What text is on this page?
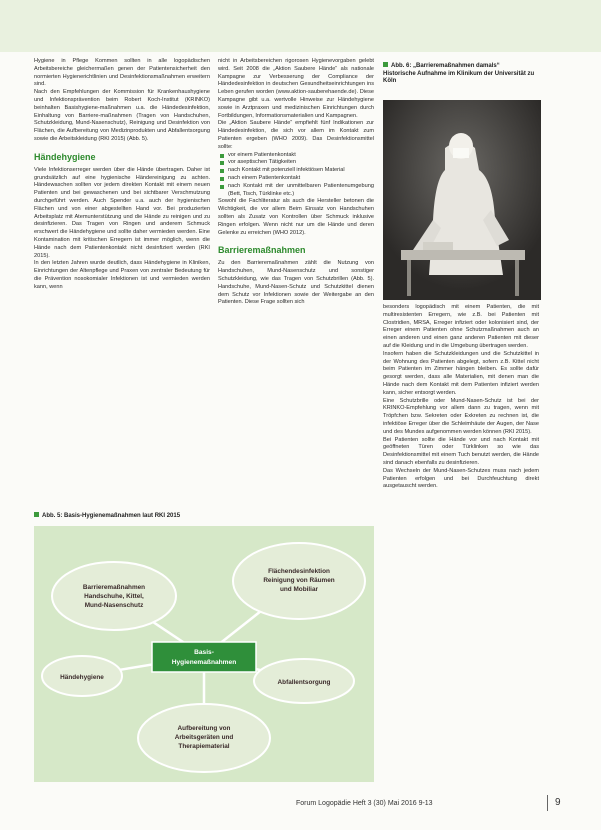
Hygiene in Pflege Kommen sollten in alle logopädischen Arbeitsbereiche gleichermaßen genen der Patientensicherheit den normierten Hygienerichtlinien und Desinfektionsmaßnahmen erweitern sind.

Nach den Empfehlungen der Kommission für Krankenhaushygiene und Infektionsprävention beim Robert Koch-Institut (KRINKO) beinhalten Basishygiene-maßnahmen u.a. die Händedesinfektion, Einhaltung von Barriere-maßnahmen (Tragen von Handschuhen, Schutzkleidung, Mund-Nasenschutz), Reinigung und Desinfektion von Flächen, die Aufbereitung von Medizinprodukten und Abfallentsorgung sowie die Arbeitskleidung (RKI 2015) (Abb. 5).

Händehygiene

Viele Infektionserreger werden über die Hände übertragen. Daher ist grundsätzlich auf eine hygienische Händereinigung zu achten. Händewaschen sollten vor jedem direkten Kontakt mit einem neuen Patienten und bei gewaschenen und bei sichtbarer Verschmutzung durchgeführt werden. Auch Spender u.a. auch der hygienischen Flächen und von einer abgestellten Hand vor. Bei produzierten Arbeitsplatz mit Atemunterstützung und die Hände zu reinigen und zu desinfizieren. Das Tragen von Ringen und anderem Schmuck erschwert die Händehygiene und sollte daher vermieden werden. Eine Kontamination mit kritischen Erregern ist immer möglich, wenn die Hände nach dem Patientenkontakt nicht desinfiziert werden (RKI 2015).

In den letzten Jahren wurde deutlich, dass Händehygiene in Kliniken, Einrichtungen der Altenpflege und Praxen von zentraler Bedeutung für die Prävention nosokomialer Infektionen ist und vermieden werden kann, wenn

nicht in Arbeitsbereichen rigorosen Hygienevorgaben gelebt wird. Seit 2008 die „Aktion Saubere Hände“ als nationale Kampagne zur Verbesserung der Compliance der Händedesinfektion in deutschen Gesundheitseinrichtungen ins Leben gerufen worden (www.aktion-sauberehaende.de). Diese Kampagne gibt u.a. wertvolle Hinweise zur Händehygiene sowie in Arztpraxen und medizinischen Einrichtungen durch Fortbildungen, Informationsmaterialien und Kampagnen.

Die „Aktion Saubere Hände“ empfiehlt fünf Indikationen zur Händedesinfektion, die sich vor allem im Kontakt zum Patienten ergeben (WHO 2009). Das Desinfektionsmittel sollte:

vor einem Patientenkontakt
vor aseptischen Tätigkeiten
nach Kontakt mit potenziell infektiösen Material
nach einem Patientenkontakt
nach Kontakt mit der unmittelbaren Patientenumgebung (Bett, Tisch, Türklinke etc.)

Sowohl die Fachliteratur als auch die Hersteller betonen die Wichtigkeit, die vor allem Beim Einsatz von Handschuhen sollten als Zusatz von Kontrollen über Schmuck inklusive Ringen erfolgen. Wenn nicht nur um die Hände und deren Gelenke zu erreichen (WHO 2012).

Barrieremaßnahmen

Zu den Barrieremaßnahmen zählt die Nutzung von Handschuhen, Mund-Nasenschutz und sonstiger Schutzkleidung, wie das Tragen von Schutzbrillen (Abb. 5). Handschuhe, Mund-Nasen-Schutz und Schutzkittel dienen dem Schutz vor Infektionen sowie der Weitergabe an den Patienten. Diese Frage sollten sich

Abb. 6: „Barrieremaßnahmen damals“
Historische Aufnahme im Klinikum der Universität zu Köln

besonders logopädisch mit einem Patienten, die mit multiresistenten Erregern, wie z.B. bei Patienten mit Clostridien, MRSA, Erreger infiziert oder kolonisiert sind, der Erreger einem Patienten ohne Schutzmaßnahmen auch an einen anderen und einen ganz anderen Patienten mit dieser auf die Kleidung und in die Umgebung übertragen werden.

Insofern haben die Schutzkleidungen und die Schutzkittel in der Wohnung des Patienten abgelegt, sofern z.B. Kittel nicht beim Patienten im Zimmer hängen bleiben. Es sollte dafür gesorgt werden, dass alle Materialien, mit denen man die Hände nach dem Kontakt mit dem Patienten infiziert werden kann, sicher entsorgt werden.

Eine Schutzbrille oder Mund-Nasen-Schutz ist bei der KRINKO-Empfehlung vor allem dann zu tragen, wenn mit Tröpfchen bzw. Sekreten oder Exkreten zu rechnen ist, die infektiöse Erreger über die Schleimhäute der Augen, der Nase und des Mundes aufgenommen werden können (RKI 2015).

Bei Patienten sollte die Hände vor und nach Kontakt mit geöffneten Türen oder Türklinken so wie das Desinfektionsmittel mit einem Tuch benutzt werden, die Hände sind danach ebenfalls zu desinfizieren.

Das Wechseln der Mund-Nasen-Schutzes muss nach jedem Patienten erfolgen und bei Durchfeuchtung direkt ausgetauscht werden.

Abb. 5: Basis-Hygienemaßnahmen laut RKI 2015
Barrieremaßnahmen
Handschuhe, Kittel,
Mund-Nasenschutz
Flächendesinfektion
Reinigung von Räumen
und Mobiliar
Händehygiene
Abfallentsorgung
Aufbereitung von
Arbeitsgeräten und
Therapiematerial
Basis-
Hygienemaßnahmen
Forum Logopädie Heft 3 (30) Mai 2016 9-13	9
